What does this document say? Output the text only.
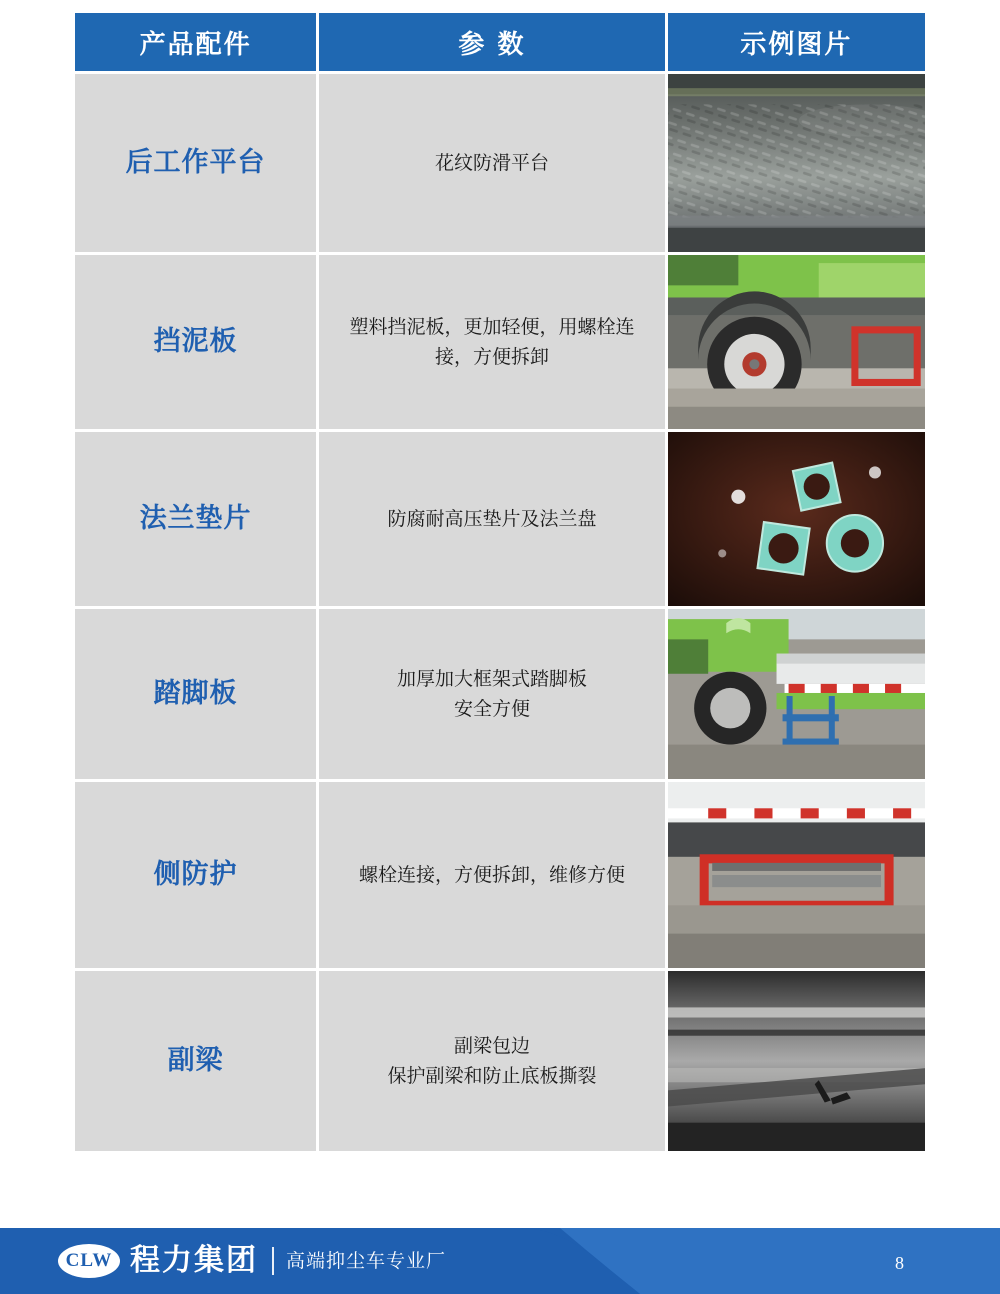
产品配件	参 数	示例图片
后工作平台	花纹防滑平台

挡泥板	塑料挡泥板，更加轻便，用螺栓连接，方便拆卸

法兰垫片	防腐耐高压垫片及法兰盘

踏脚板	加厚加大框架式踏脚板
安全方便

侧防护	螺栓连接，方便拆卸，维修方便

副梁	副梁包边
保护副梁和防止底板撕裂

CLW 程力集团 高端抑尘车专业厂	8
